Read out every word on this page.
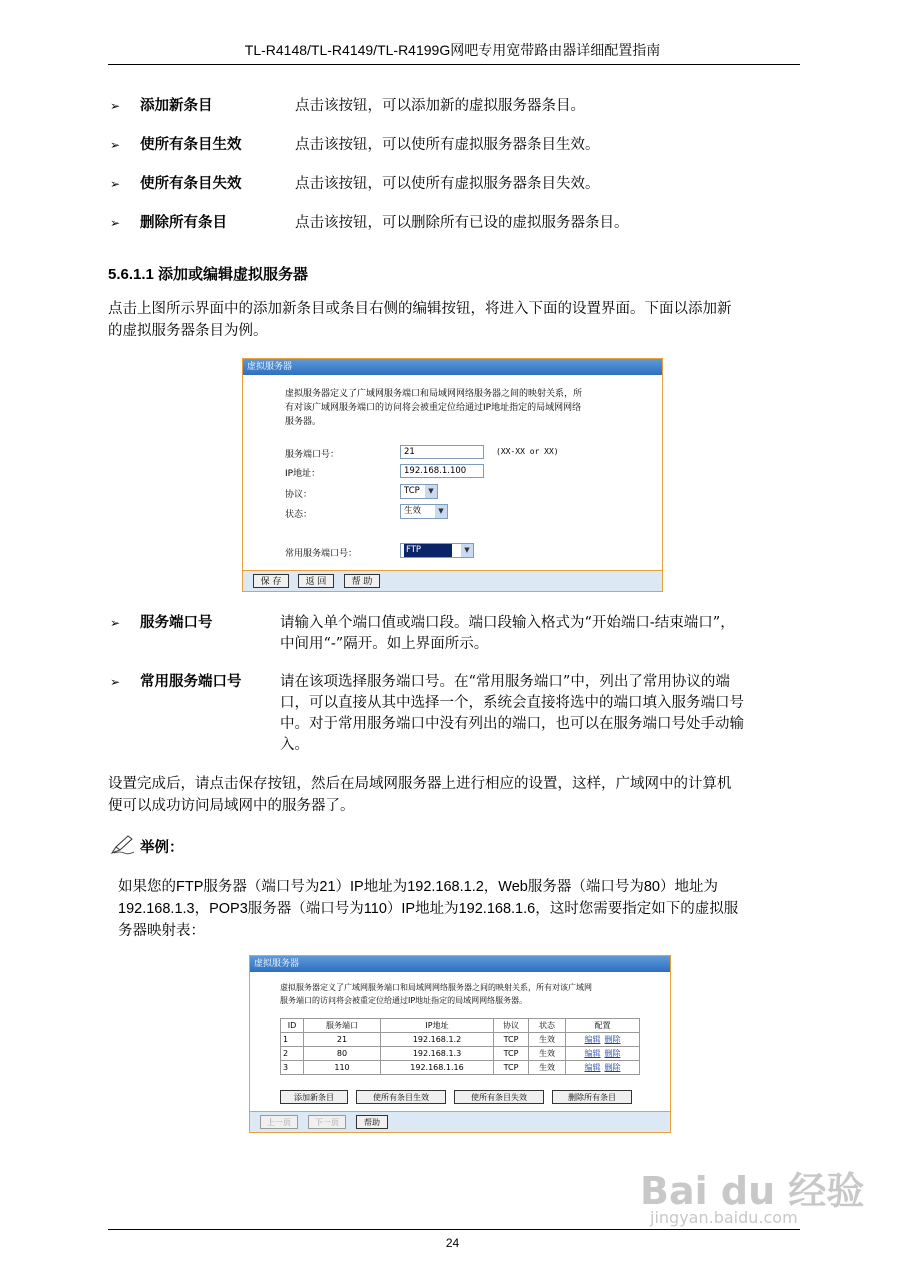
TL-R4148/TL-R4149/TL-R4199G网吧专用宽带路由器详细配置指南
➢	添加新条目	点击该按钮，可以添加新的虚拟服务器条目。
➢	使所有条目生效	点击该按钮，可以使所有虚拟服务器条目生效。
➢	使所有条目失效	点击该按钮，可以使所有虚拟服务器条目失效。
➢	删除所有条目	点击该按钮，可以删除所有已设的虚拟服务器条目。
5.6.1.1 添加或编辑虚拟服务器
点击上图所示界面中的添加新条目或条目右侧的编辑按钮，将进入下面的设置界面。下面以添加新
的虚拟服务器条目为例。
虚拟服务器
虚拟服务器定义了广域网服务端口和局域网网络服务器之间的映射关系，所
有对该广域网服务端口的访问将会被重定位给通过IP地址指定的局域网网络
服务器。
服务端口号：	21	(XX-XX or XX)
IP地址：	192.168.1.100
协议：	TCP	▼
状态：	生效	▼
常用服务端口号：	FTP	▼
保 存	返 回	帮 助
➢	服务端口号	请输入单个端口值或端口段。端口段输入格式为“开始端口-结束端口”，
中间用“-”隔开。如上界面所示。
➢	常用服务端口号	请在该项选择服务端口号。在“常用服务端口”中，列出了常用协议的端
口，可以直接从其中选择一个，系统会直接将选中的端口填入服务端口号
中。对于常用服务端口中没有列出的端口，也可以在服务端口号处手动输
入。
设置完成后，请点击保存按钮，然后在局域网服务器上进行相应的设置，这样，广域网中的计算机
便可以成功访问局域网中的服务器了。
举例：
如果您的FTP服务器（端口号为21）IP地址为192.168.1.2，Web服务器（端口号为80）地址为
192.168.1.3，POP3服务器（端口号为110）IP地址为192.168.1.6，这时您需要指定如下的虚拟服
务器映射表：
虚拟服务器
虚拟服务器定义了广域网服务端口和局域网网络服务器之间的映射关系，所有对该广域网
服务端口的访问将会被重定位给通过IP地址指定的局域网网络服务器。
ID	服务端口	IP地址	协议	状态	配置
1	21	192.168.1.2	TCP	生效	编辑 删除
2	80	192.168.1.3	TCP	生效	编辑 删除
3	110	192.168.1.16	TCP	生效	编辑 删除
添加新条目	使所有条目生效	使所有条目失效	删除所有条目
上一页	下一页	帮助
Bai du 经验
jingyan.baidu.com
24
